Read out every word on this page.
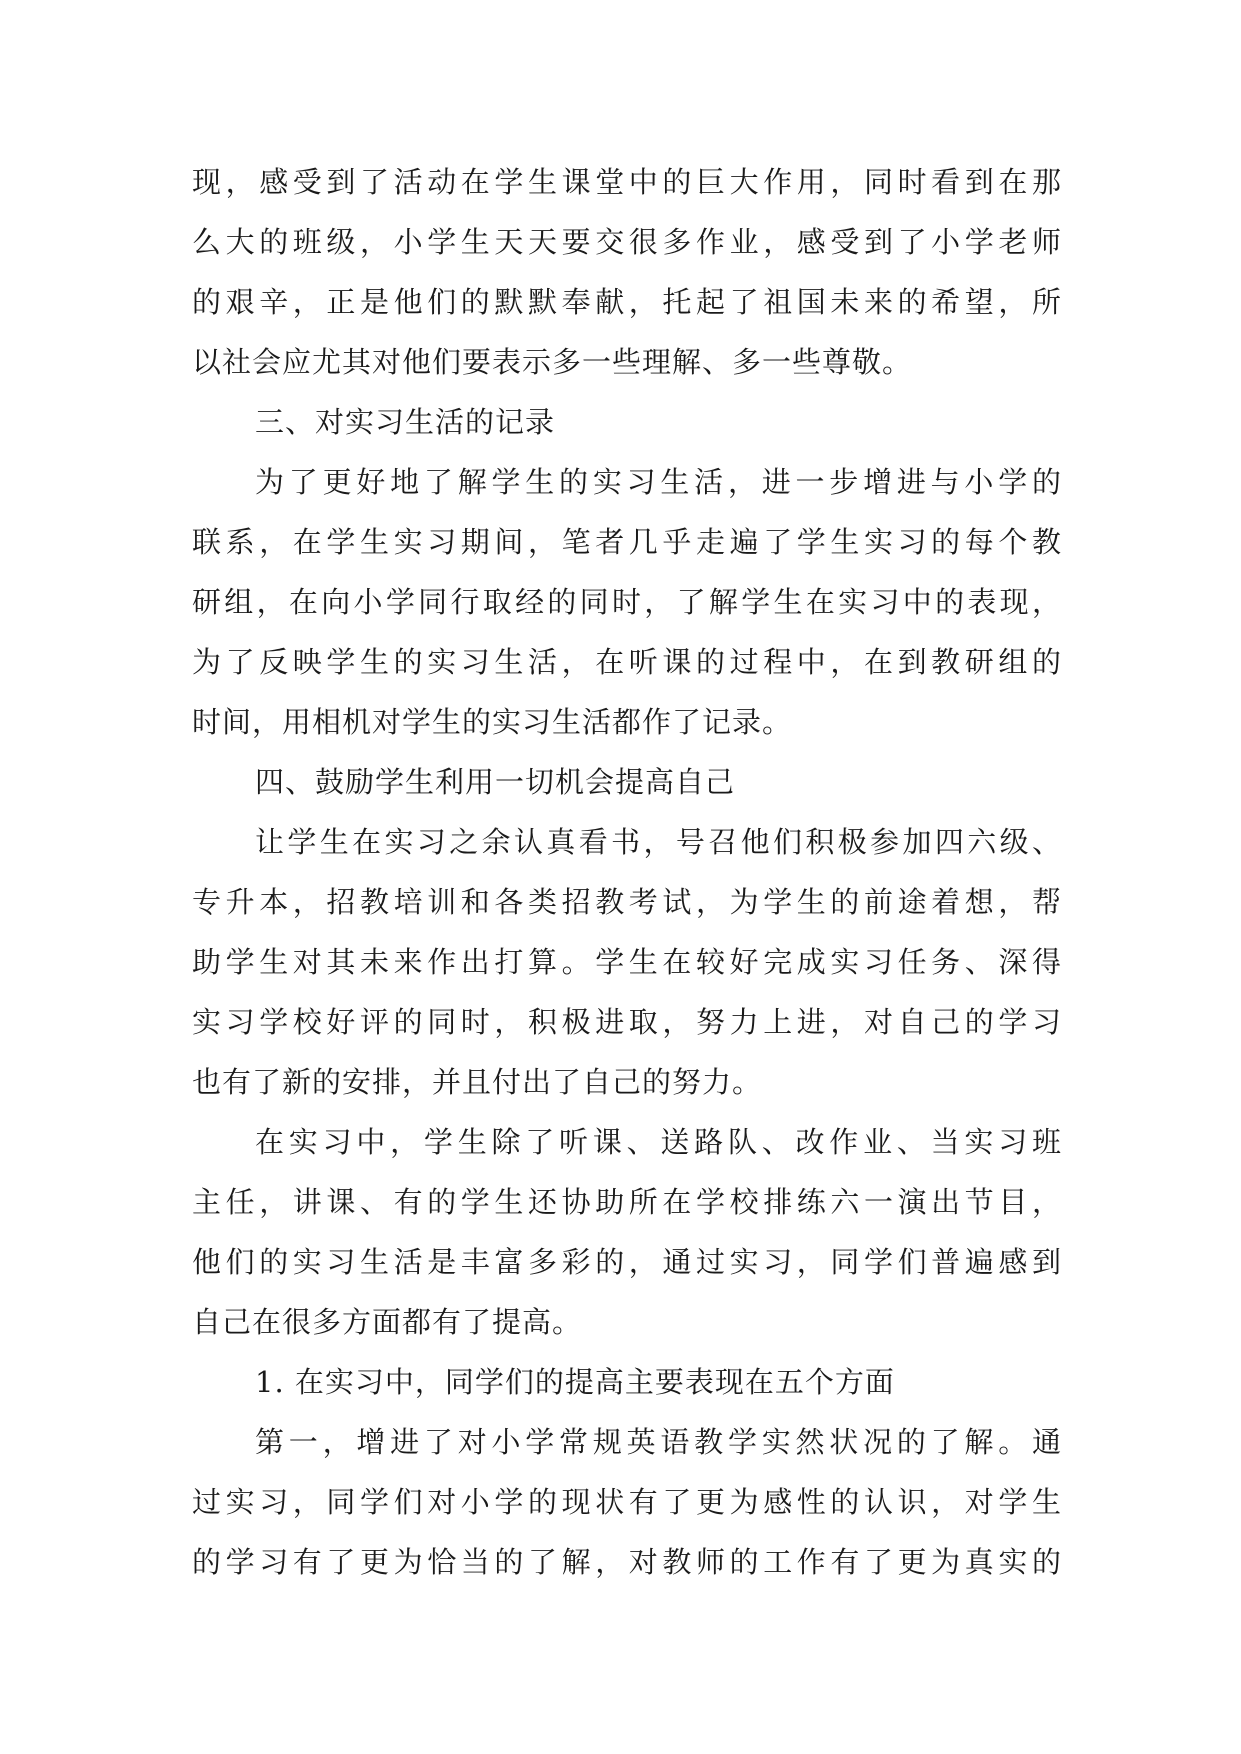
现，感受到了活动在学生课堂中的巨大作用，同时看到在那
么大的班级，小学生天天要交很多作业，感受到了小学老师
的艰辛，正是他们的默默奉献，托起了祖国未来的希望，所
以社会应尤其对他们要表示多一些理解、多一些尊敬。
三、对实习生活的记录
为了更好地了解学生的实习生活，进一步增进与小学的
联系，在学生实习期间，笔者几乎走遍了学生实习的每个教
研组，在向小学同行取经的同时，了解学生在实习中的表现，
为了反映学生的实习生活，在听课的过程中，在到教研组的
时间，用相机对学生的实习生活都作了记录。
四、鼓励学生利用一切机会提高自己
让学生在实习之余认真看书，号召他们积极参加四六级、
专升本，招教培训和各类招教考试，为学生的前途着想，帮
助学生对其未来作出打算。学生在较好完成实习任务、深得
实习学校好评的同时，积极进取，努力上进，对自己的学习
也有了新的安排，并且付出了自己的努力。
在实习中，学生除了听课、送路队、改作业、当实习班
主任，讲课、有的学生还协助所在学校排练六一演出节目，
他们的实习生活是丰富多彩的，通过实习，同学们普遍感到
自己在很多方面都有了提高。
1. 在实习中，同学们的提高主要表现在五个方面
第一，增进了对小学常规英语教学实然状况的了解。通
过实习，同学们对小学的现状有了更为感性的认识，对学生
的学习有了更为恰当的了解，对教师的工作有了更为真实的
